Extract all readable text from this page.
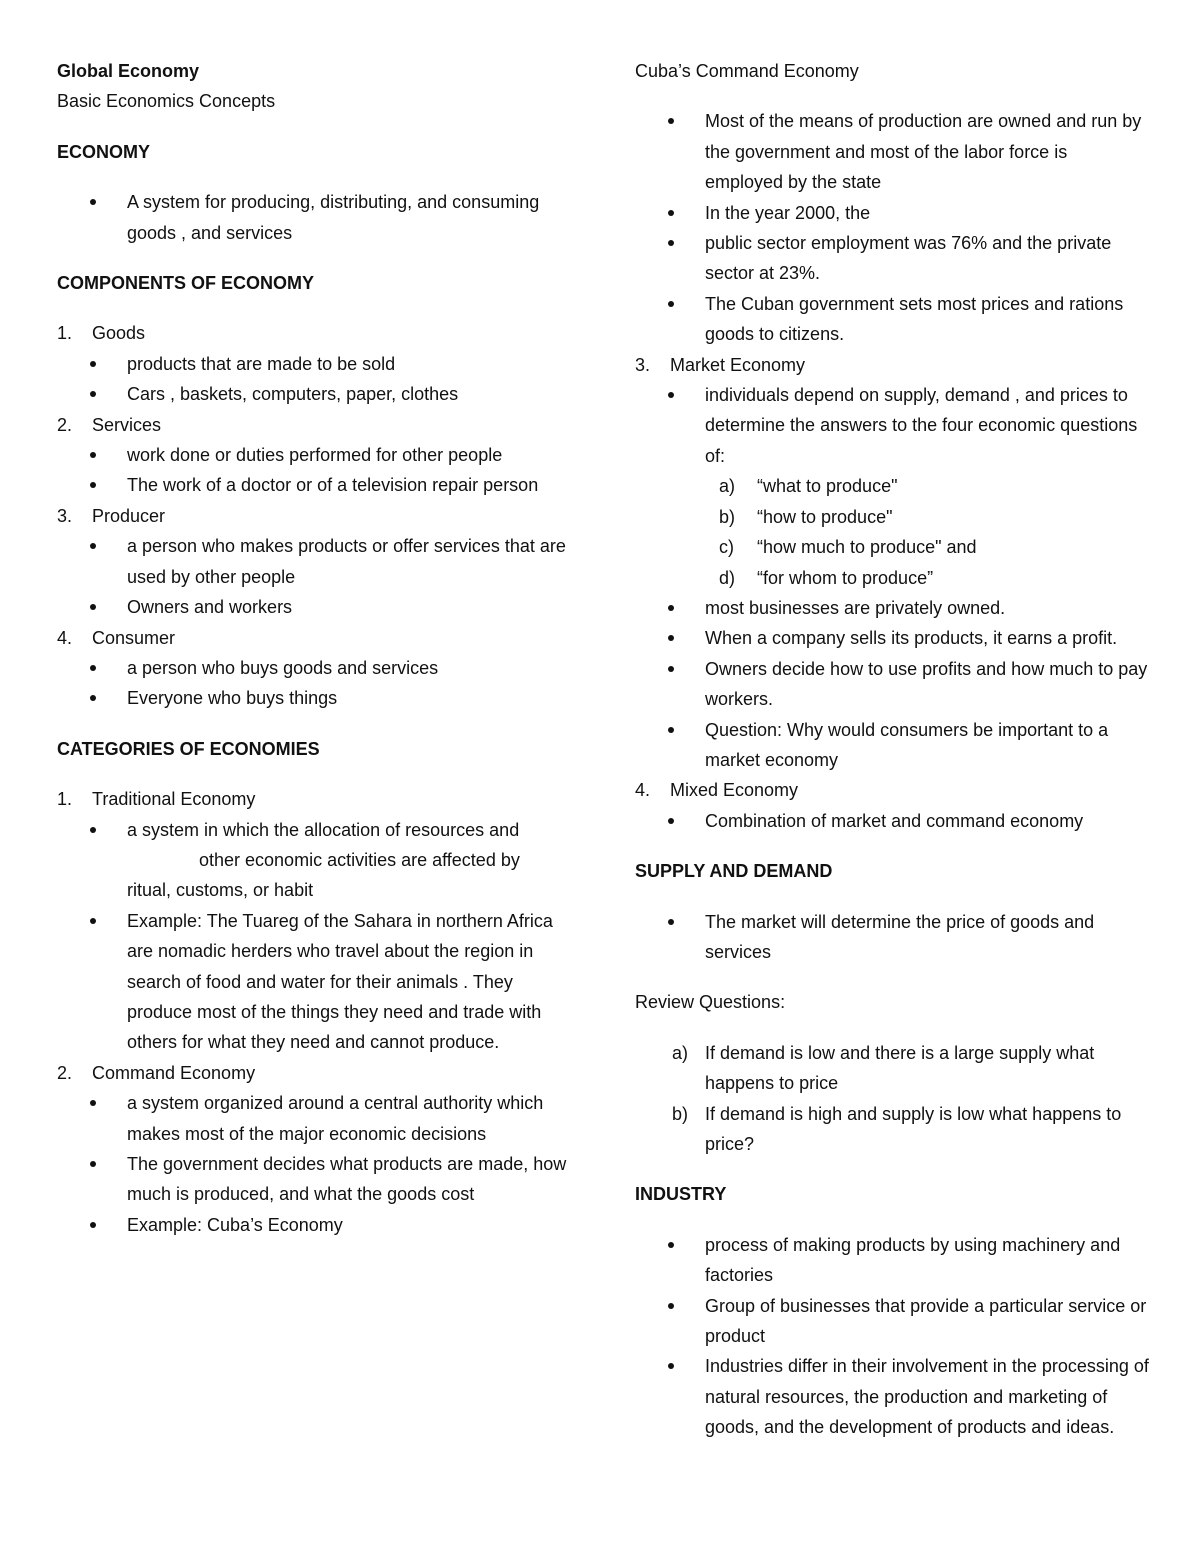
Global Economy

Basic Economics Concepts

ECONOMY

A system for producing, distributing, and consuming goods , and services

COMPONENTS OF ECONOMY

1. Goods
products that are made to be sold
Cars , baskets, computers, paper, clothes
2. Services
work done or duties performed for other people
The work of a doctor or of a television repair person
3. Producer
a person who makes products or offer services that are used by other people
Owners and workers
4. Consumer
a person who buys goods and services
Everyone who buys things

CATEGORIES OF ECONOMIES

1. Traditional Economy
a system in which the allocation of resources and
other economic activities are affected by
ritual, customs, or habit
Example: The Tuareg of the Sahara in northern Africa are nomadic herders who travel about the region in search of food and water for their animals . They produce most of the things they need and trade with others for what they need and cannot produce.
2. Command Economy
a system organized around a central authority which makes most of the major economic decisions
The government decides what products are made, how much is produced, and what the goods cost
Example: Cuba’s Economy

Cuba’s Command Economy

Most of the means of production are owned and run by the government and most of the labor force is employed by the state
In the year 2000, the
public sector employment was 76% and the private sector at 23%.
The Cuban government sets most prices and rations goods to citizens.
3. Market Economy
individuals depend on supply, demand , and prices to determine the answers to the four economic questions of:
a) “what to produce"
b) “how to produce"
c) “how much to produce" and
d) “for whom to produce”
most businesses are privately owned.
When a company sells its products, it earns a profit.
Owners decide how to use profits and how much to pay workers.
Question: Why would consumers be important to a market economy
4. Mixed Economy
Combination of market and command economy

SUPPLY AND DEMAND

The market will determine the price of goods and services

Review Questions:

a) If demand is low and there is a large supply what happens to price
b) If demand is high and supply is low what happens to price?

INDUSTRY

process of making products by using machinery and factories
Group of businesses that provide a particular service or product
Industries differ in their involvement in the processing of natural resources, the production and marketing of goods, and the development of products and ideas.
